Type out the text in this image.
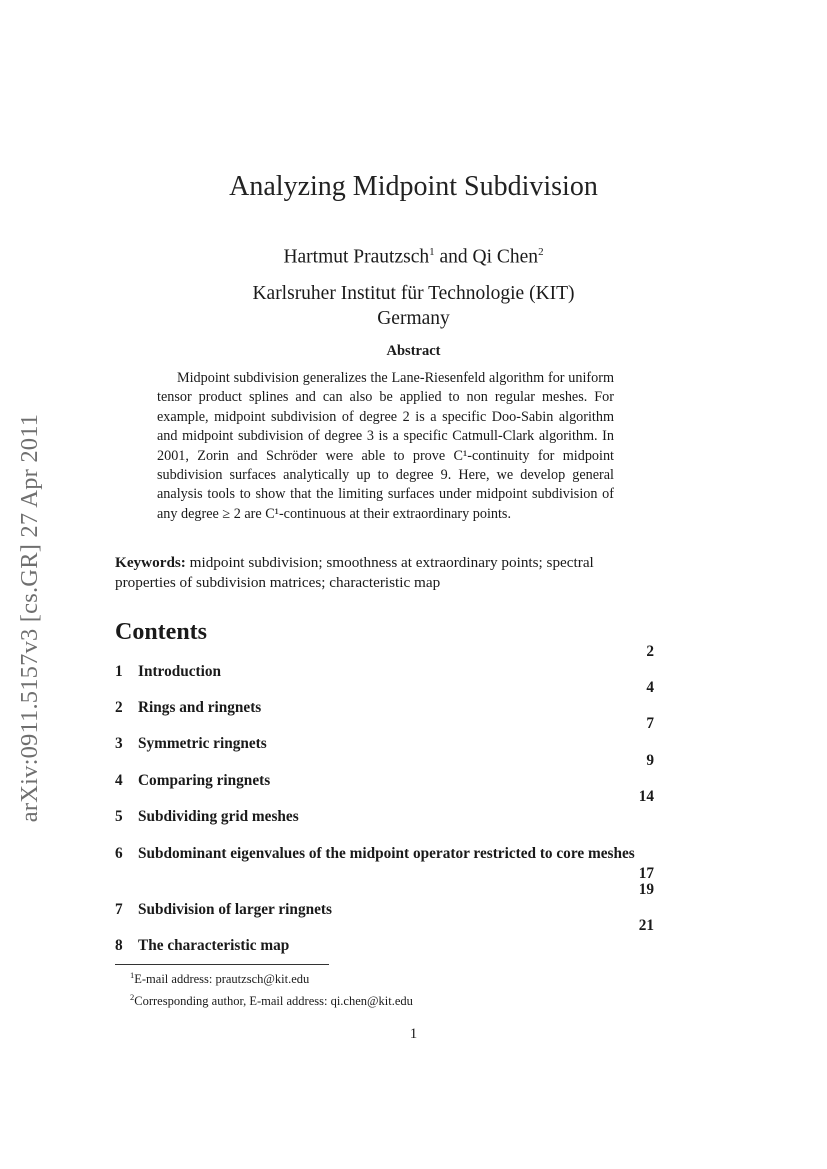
arXiv:0911.5157v3 [cs.GR] 27 Apr 2011
Analyzing Midpoint Subdivision
Hartmut Prautzsch$^1$ and Qi Chen$^2$
Karlsruher Institut für Technologie (KIT)
Germany
Abstract
Midpoint subdivision generalizes the Lane-Riesenfeld algorithm for uniform tensor product splines and can also be applied to non regular meshes. For example, midpoint subdivision of degree 2 is a specific Doo-Sabin algorithm and midpoint subdivision of degree 3 is a specific Catmull-Clark algorithm. In 2001, Zorin and Schröder were able to prove C¹-continuity for midpoint subdivision surfaces analytically up to degree 9. Here, we develop general analysis tools to show that the limiting surfaces under midpoint subdivision of any degree ≥ 2 are C¹-continuous at their extraordinary points.
Keywords: midpoint subdivision; smoothness at extraordinary points; spectral properties of subdivision matrices; characteristic map
Contents
1 Introduction
2
2 Rings and ringnets
4
3 Symmetric ringnets
7
4 Comparing ringnets
9
5 Subdividing grid meshes
14
6 Subdominant eigenvalues of the midpoint operator restricted to core meshes
17
7 Subdivision of larger ringnets
19
8 The characteristic map
21
$^1$E-mail address: prautzsch@kit.edu
$^2$Corresponding author, E-mail address: qi.chen@kit.edu
1
